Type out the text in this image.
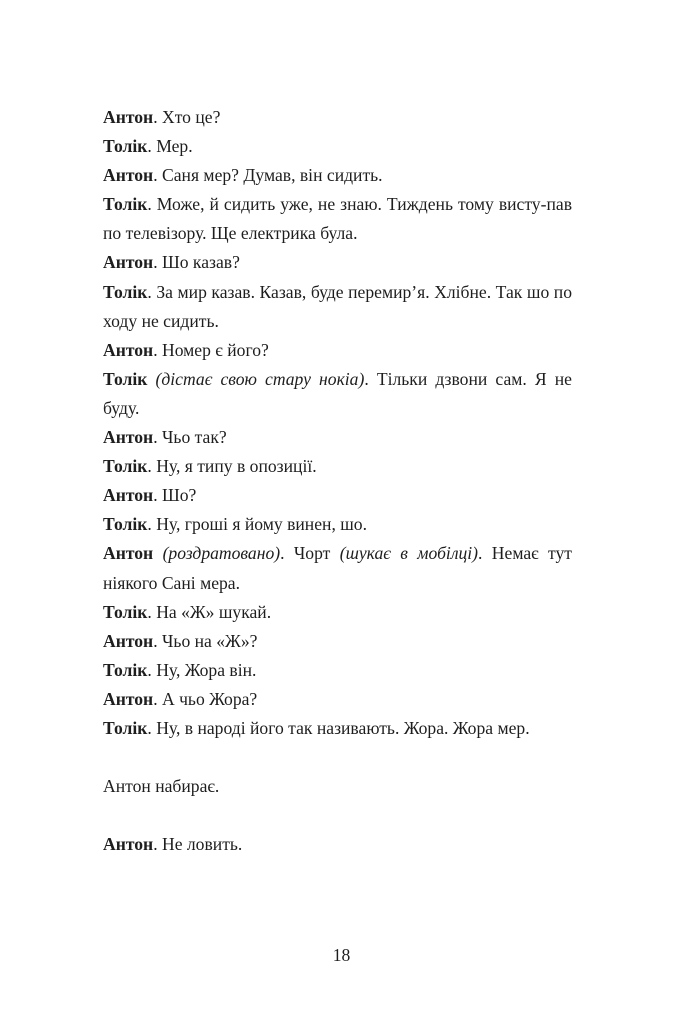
Антон. Хто це?

Толік. Мер.

Антон. Саня мер? Думав, він сидить.

Толік. Може, й сидить уже, не знаю. Тиждень тому висту-пав по телевізору. Ще електрика була.

Антон. Шо казав?

Толік. За мир казав. Казав, буде перемир’я. Хлібне. Так шо по ходу не сидить.

Антон. Номер є його?

Толік (дістає свою стару нокіа). Тільки дзвони сам. Я не буду.

Антон. Чьо так?

Толік. Ну, я типу в опозиції.

Антон. Шо?

Толік. Ну, гроші я йому винен, шо.

Антон (роздратовано). Чорт (шукає в мобілці). Немає тут ніякого Сані мера.

Толік. На «Ж» шукай.

Антон. Чьо на «Ж»?

Толік. Ну, Жора він.

Антон. А чьо Жора?

Толік. Ну, в народі його так називають. Жора. Жора мер.

Антон набирає.

Антон. Не ловить.

18
